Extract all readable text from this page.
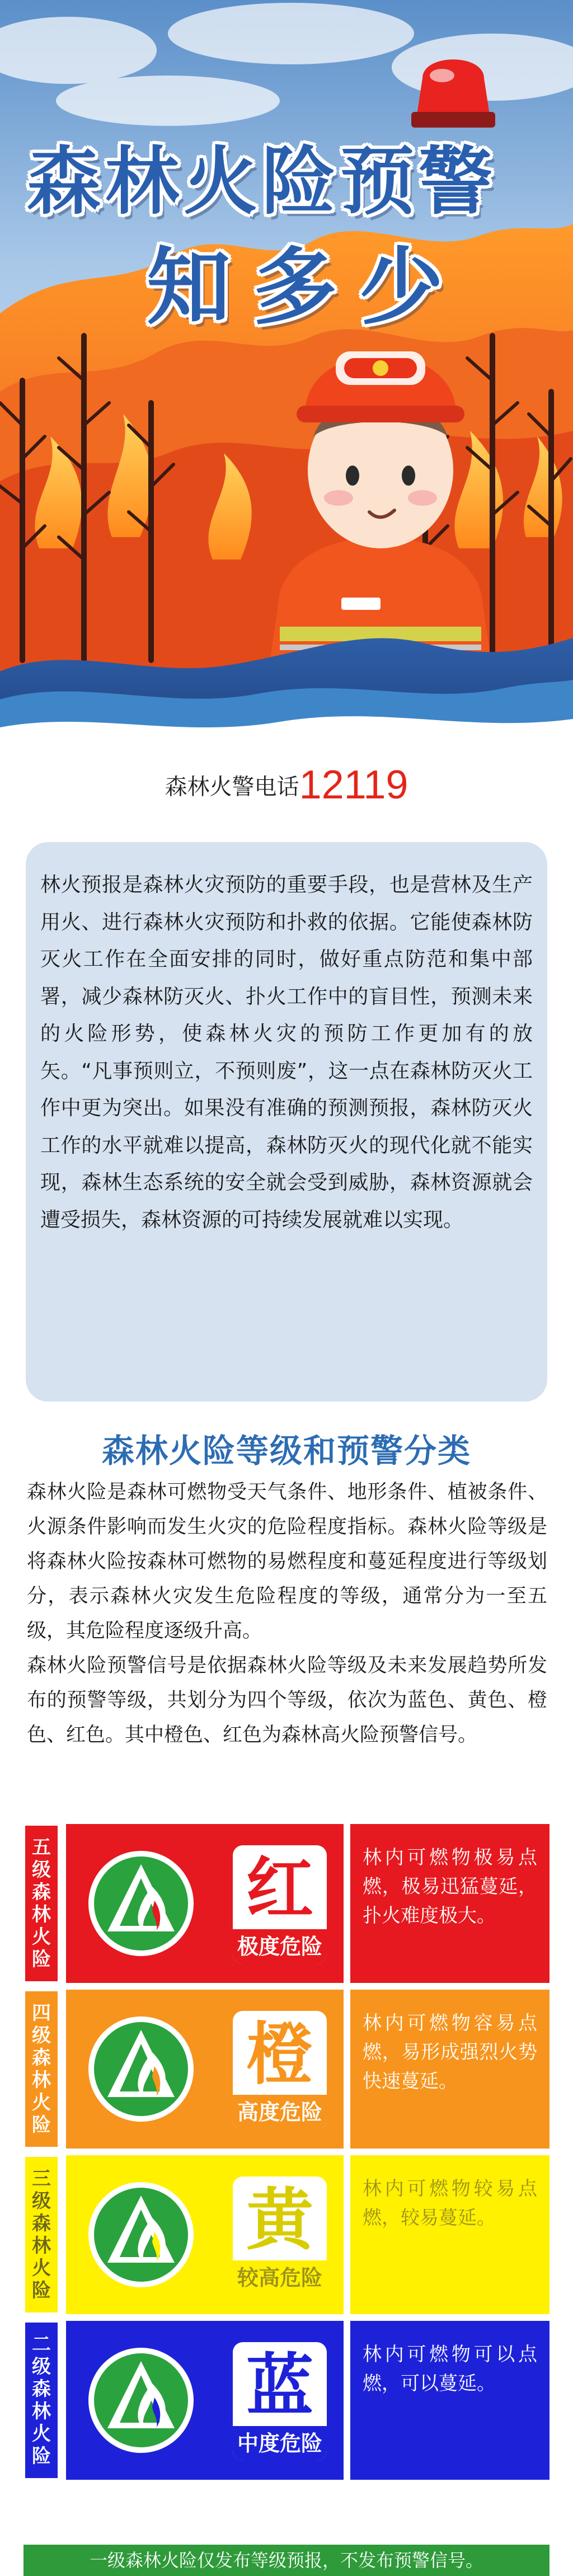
森林火险预警
知多少
森林火警电话12119

林火预报是森林火灾预防的重要手段，也是营林及生产用火、进行森林火灾预防和扑救的依据。它能使森林防灭火工作在全面安排的同时，做好重点防范和集中部署，减少森林防灭火、扑火工作中的盲目性，预测未来的火险形势，使森林火灾的预防工作更加有的放矢。“凡事预则立，不预则废”，这一点在森林防灭火工作中更为突出。如果没有准确的预测预报，森林防灭火工作的水平就难以提高，森林防灭火的现代化就不能实现，森林生态系统的安全就会受到威胁，森林资源就会遭受损失，森林资源的可持续发展就难以实现。

森林火险等级和预警分类

森林火险是森林可燃物受天气条件、地形条件、植被条件、火源条件影响而发生火灾的危险程度指标。森林火险等级是将森林火险按森林可燃物的易燃程度和蔓延程度进行等级划分，表示森林火灾发生危险程度的等级，通常分为一至五级，其危险程度逐级升高。

森林火险预警信号是依据森林火险等级及未来发展趋势所发布的预警等级，共划分为四个等级，依次为蓝色、黄色、橙色、红色。其中橙色、红色为森林高火险预警信号。

五
级
森
林
火
险
红
极度危险
林内可燃物极易点燃，极易迅猛蔓延，扑火难度极大。
四
级
森
林
火
险
橙
高度危险
林内可燃物容易点燃，易形成强烈火势快速蔓延。
三
级
森
林
火
险
黄
较高危险
林内可燃物较易点燃，较易蔓延。
二
级
森
林
火
险
蓝
中度危险
林内可燃物可以点燃，可以蔓延。
一级森林火险仅发布等级预报，不发布预警信号。
